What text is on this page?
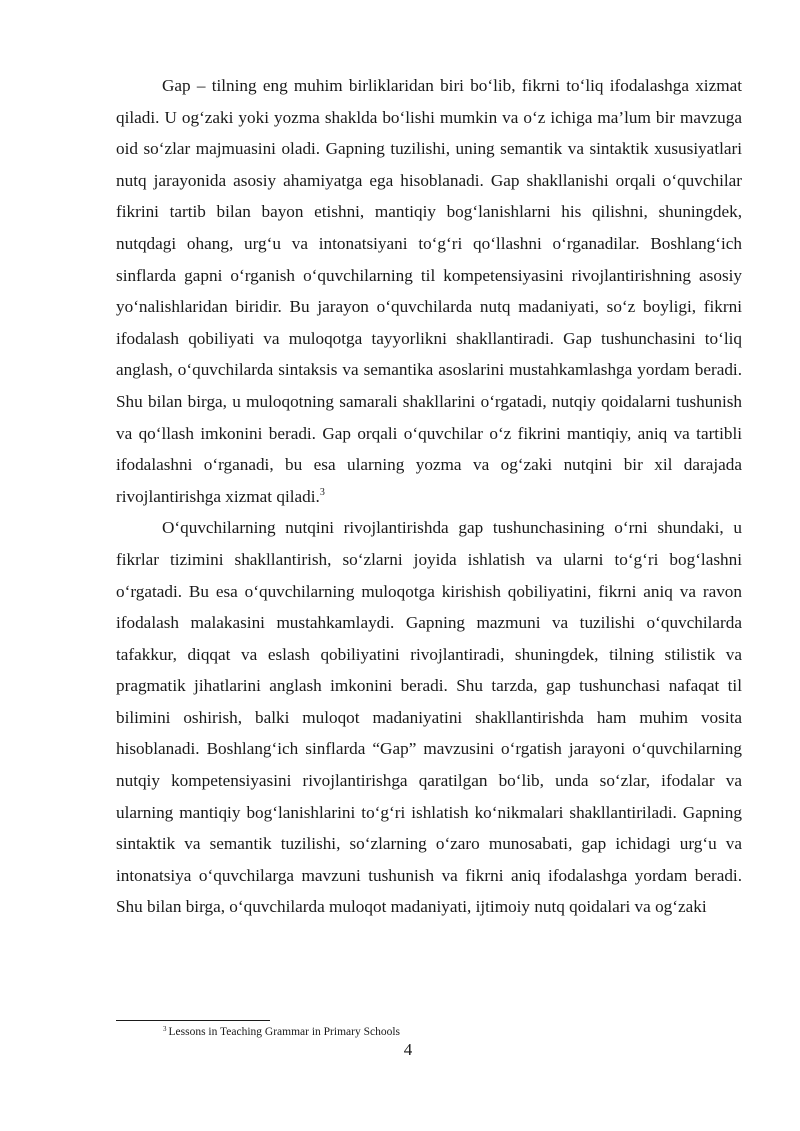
Gap – tilning eng muhim birliklaridan biri bo‘lib, fikrni to‘liq ifodalashga xizmat qiladi. U og‘zaki yoki yozma shaklda bo‘lishi mumkin va o‘z ichiga ma’lum bir mavzuga oid so‘zlar majmuasini oladi. Gapning tuzilishi, uning semantik va sintaktik xususiyatlari nutq jarayonida asosiy ahamiyatga ega hisoblanadi. Gap shakllanishi orqali o‘quvchilar fikrini tartib bilan bayon etishni, mantiqiy bog‘lanishlarni his qilishni, shuningdek, nutqdagi ohang, urg‘u va intonatsiyani to‘g‘ri qo‘llashni o‘rganadilar. Boshlang‘ich sinflarda gapni o‘rganish o‘quvchilarning til kompetensiyasini rivojlantirishning asosiy yo‘nalishlaridan biridir. Bu jarayon o‘quvchilarda nutq madaniyati, so‘z boyligi, fikrni ifodalash qobiliyati va muloqotga tayyorlikni shakllantiradi. Gap tushunchasini to‘liq anglash, o‘quvchilarda sintaksis va semantika asoslarini mustahkamlashga yordam beradi. Shu bilan birga, u muloqotning samarali shakllarini o‘rgatadi, nutqiy qoidalarni tushunish va qo‘llash imkonini beradi. Gap orqali o‘quvchilar o‘z fikrini mantiqiy, aniq va tartibli ifodalashni o‘rganadi, bu esa ularning yozma va og‘zaki nutqini bir xil darajada rivojlantirishga xizmat qiladi.$^3$

O‘quvchilarning nutqini rivojlantirishda gap tushunchasining o‘rni shundaki, u fikrlar tizimini shakllantirish, so‘zlarni joyida ishlatish va ularni to‘g‘ri bog‘lashni o‘rgatadi. Bu esa o‘quvchilarning muloqotga kirishish qobiliyatini, fikrni aniq va ravon ifodalash malakasini mustahkamlaydi. Gapning mazmuni va tuzilishi o‘quvchilarda tafakkur, diqqat va eslash qobiliyatini rivojlantiradi, shuningdek, tilning stilistik va pragmatik jihatlarini anglash imkonini beradi. Shu tarzda, gap tushunchasi nafaqat til bilimini oshirish, balki muloqot madaniyatini shakllantirishda ham muhim vosita hisoblanadi. Boshlang‘ich sinflarda “Gap” mavzusini o‘rgatish jarayoni o‘quvchilarning nutqiy kompetensiyasini rivojlantirishga qaratilgan bo‘lib, unda so‘zlar, ifodalar va ularning mantiqiy bog‘lanishlarini to‘g‘ri ishlatish ko‘nikmalari shakllantiriladi. Gapning sintaktik va semantik tuzilishi, so‘zlarning o‘zaro munosabati, gap ichidagi urg‘u va intonatsiya o‘quvchilarga mavzuni tushunish va fikrni aniq ifodalashga yordam beradi. Shu bilan birga, o‘quvchilarda muloqot madaniyati, ijtimoiy nutq qoidalari va og‘zaki

$^3$ Lessons in Teaching Grammar in Primary Schools
4
